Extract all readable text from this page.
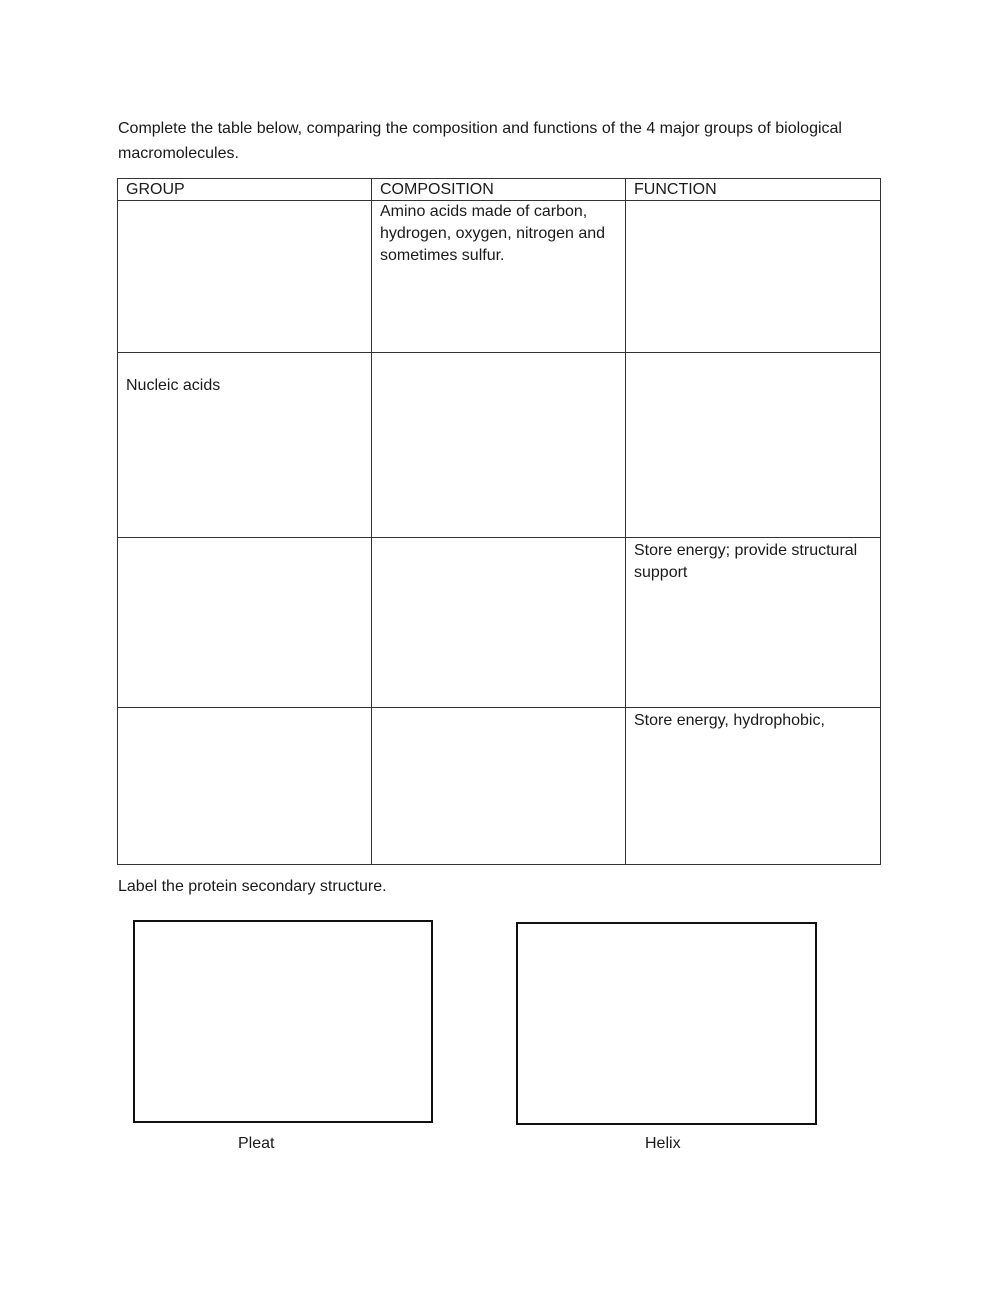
Complete the table below, comparing the composition and functions of the 4 major groups of biological macromolecules.

GROUP	COMPOSITION	FUNCTION
	Amino acids made of carbon, hydrogen, oxygen, nitrogen and sometimes sulfur.	
Nucleic acids		
		Store energy; provide structural support
		Store energy, hydrophobic,

Label the protein secondary structure.

Pleat	Helix
